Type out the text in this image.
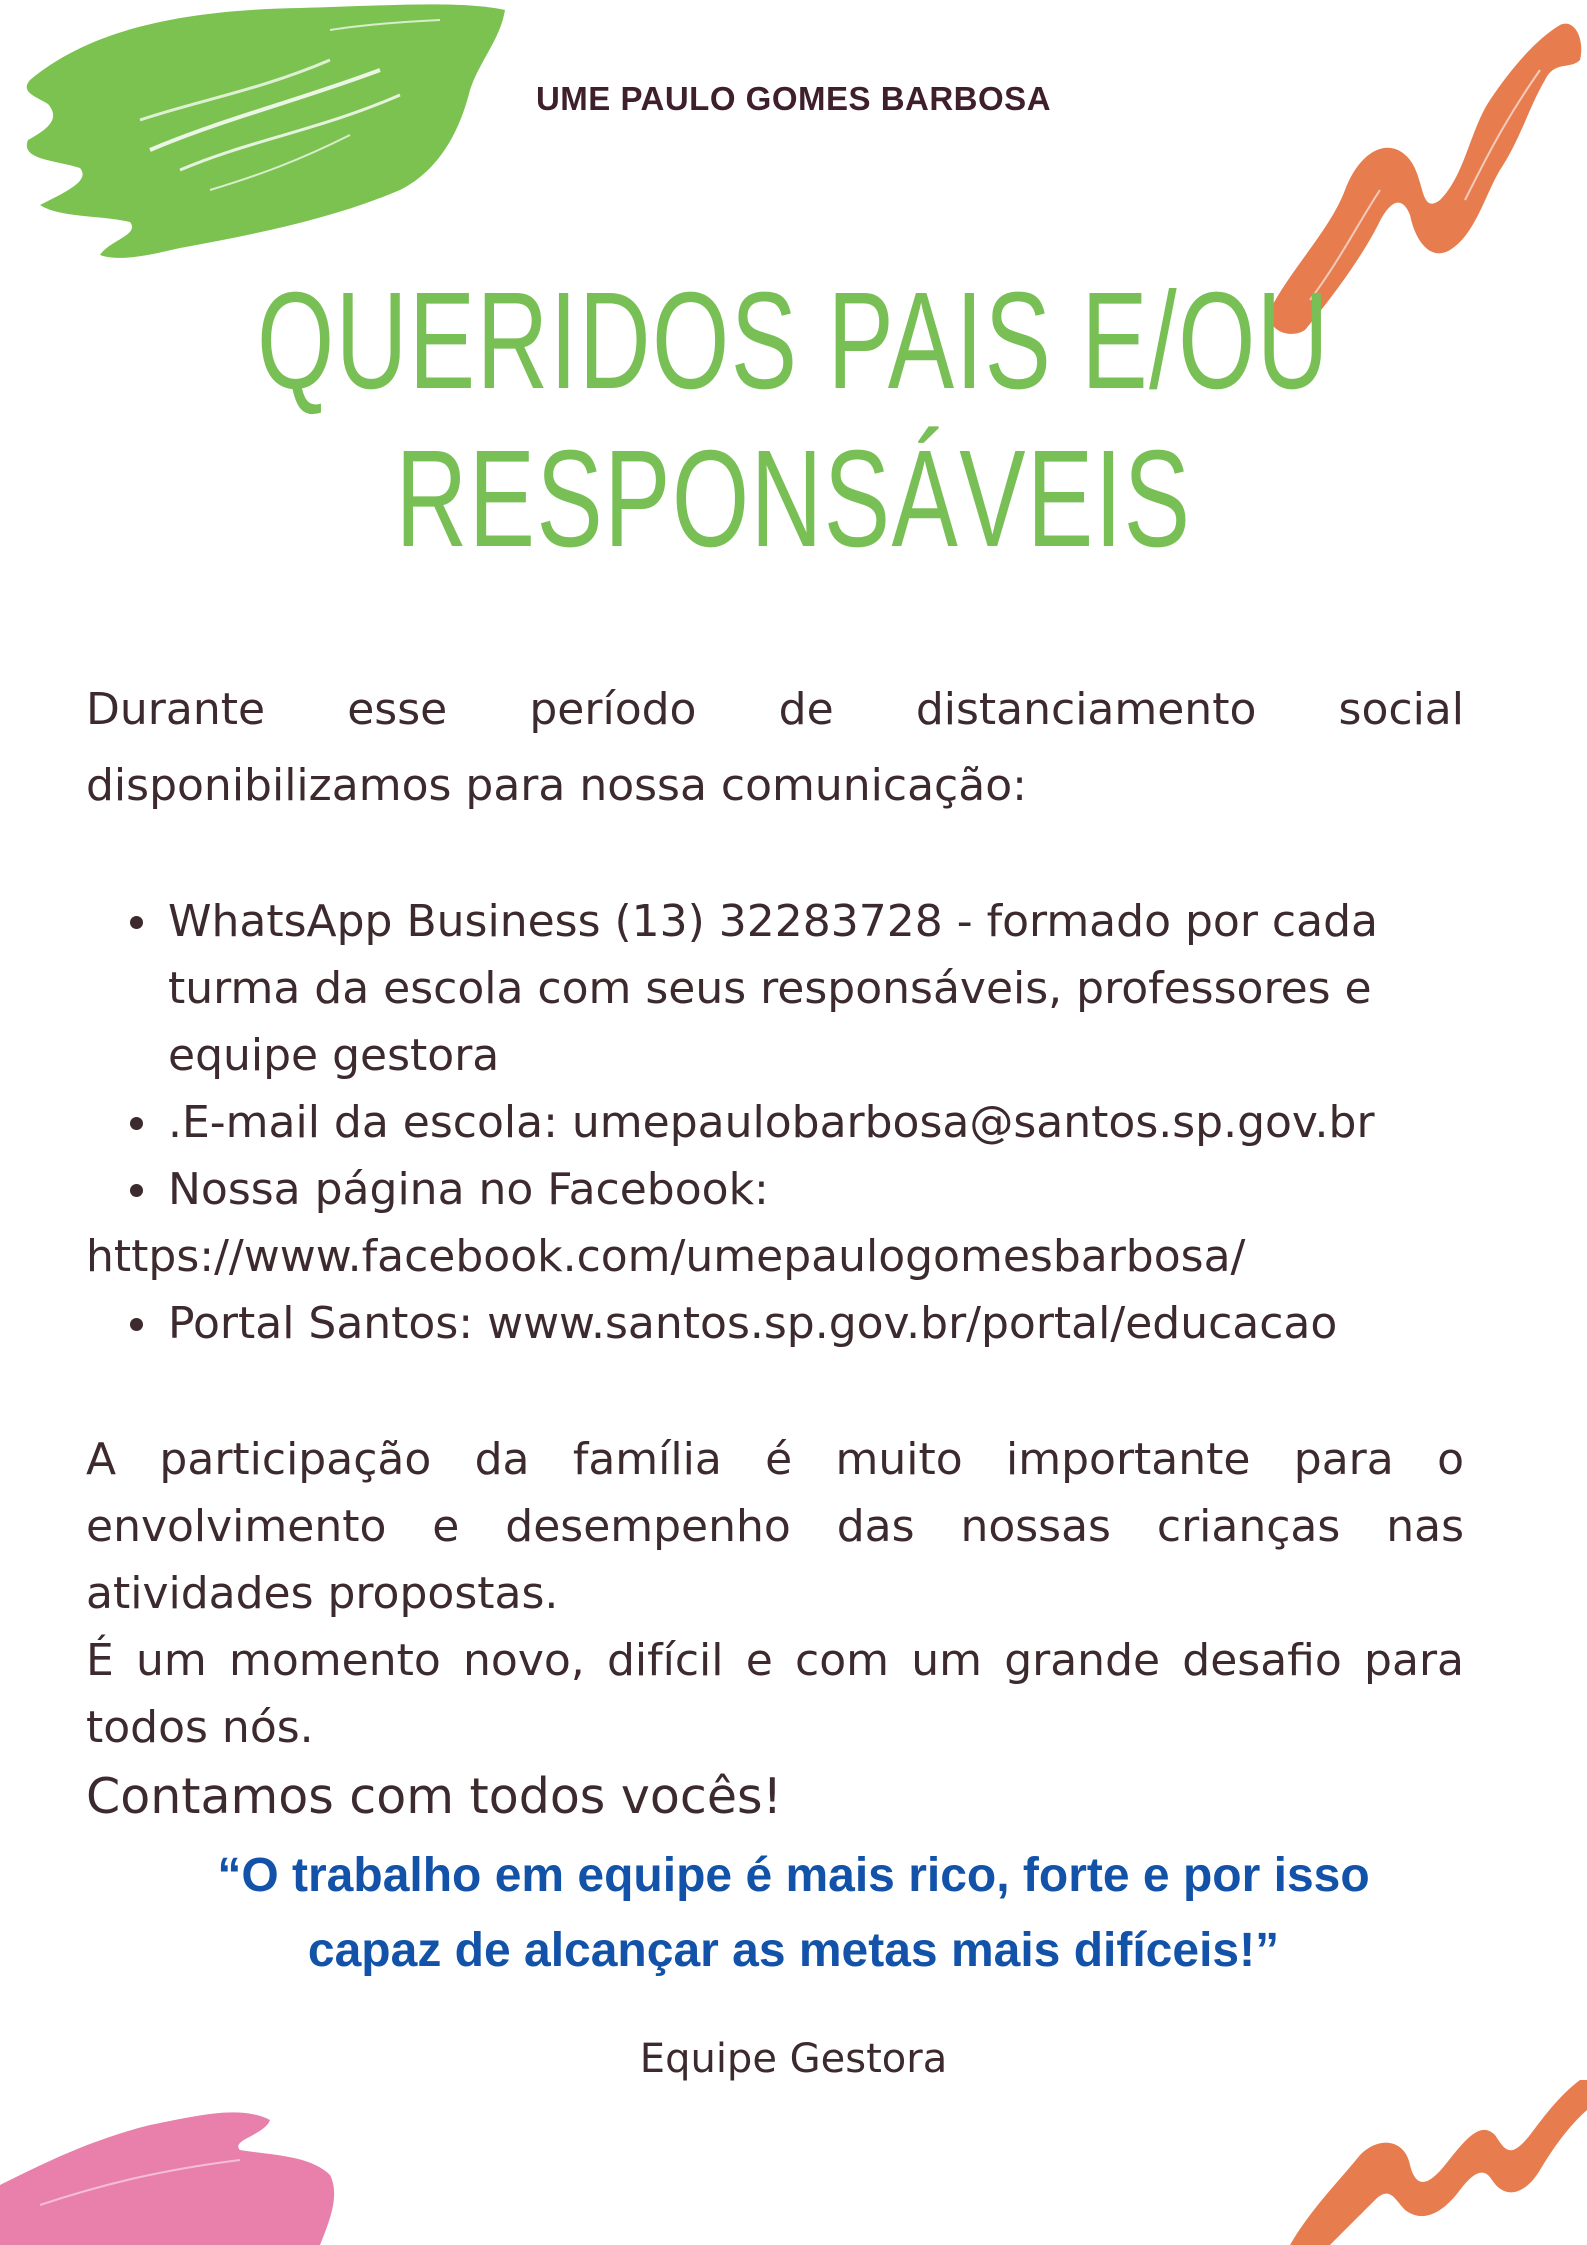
UME PAULO GOMES BARBOSA
QUERIDOS PAIS E/OU
RESPONSÁVEIS
Durante esse período de distanciamento social
disponibilizamos para nossa comunicação:
WhatsApp Business (13) 32283728 - formado por cada
turma da escola com seus responsáveis, professores e
equipe gestora
.E-mail da escola: umepaulobarbosa@santos.sp.gov.br
Nossa página no Facebook:
https://www.facebook.com/umepaulogomesbarbosa/
Portal Santos: www.santos.sp.gov.br/portal/educacao
A participação da família é muito importante para o
envolvimento e desempenho das nossas crianças nas
atividades propostas.
É um momento novo, difícil e com um grande desafio para
todos nós.
Contamos com todos vocês!
“O trabalho em equipe é mais rico, forte e por isso
capaz de alcançar as metas mais difíceis!”
Equipe Gestora
